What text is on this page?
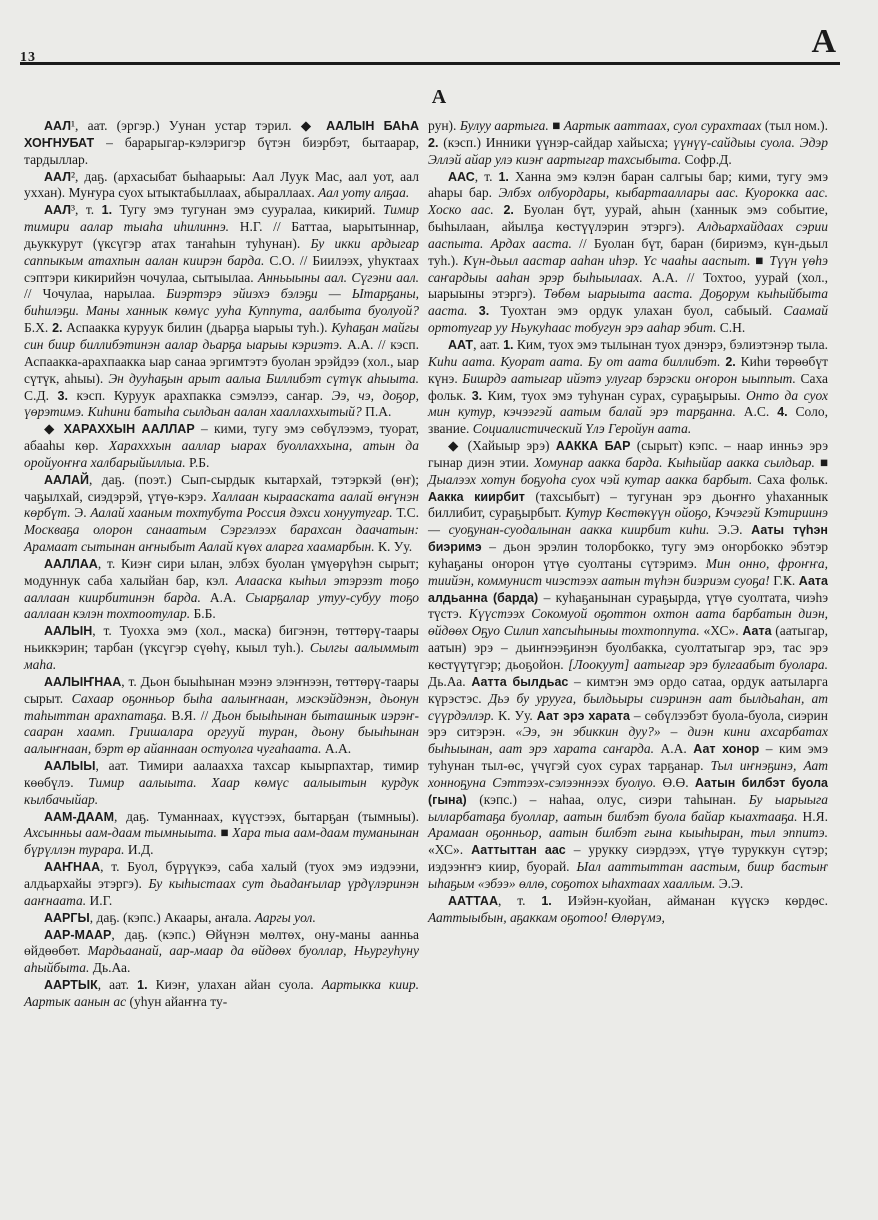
13	А
А

ААЛ¹, аат. (эргэр.) Уунан устар тэрил. ◆ ААЛЫН БАҺА ХОҤНУБАТ – барарыгар-кэлэригэр бүтэн биэрбэт, бытаарар, тардыллар.

ААЛ², даҕ. (архасыбат быһаарыы: Аал Луук Мас, аал уот, аал уххан). Муҥура суох ытыктабыллаах, абыраллаах. Аал уоту алҕаа.

ААЛ³, т. 1. Тугу эмэ тугунан эмэ сууралаа, кикирий. Тимир тимири аалар тыаһа иһилиннэ. Н.Г. // Баттаа, ыарытыннар, дьуккурут (үксүгэр атах таҥаһын туһунан). Бу икки ардыгар саппыкым атахпын аалан киирэн барда. С.О. // Биилээх, уһуктаах сэптэри кикирийэн чочулаа, сытыылаа. Анньыыны аал. Сүгэни аал. // Чочулаа, нарылаа. Биэртэрэ эйиэхэ бэлэҕи — Ытарҕаны, биһилэҕи. Маны ханнык көмүс ууһа Куппута, аалбыта буолуой? Б.Х. 2. Аспаакка куруук билин (дьарҕа ыарыы туһ.). Куһаҕан майгы син биир биллибэтинэн аалар дьарҕа ыарыы кэриэтэ. А.А. // кэсп. Аспаакка-арахпаакка ыар санаа эргимтэтэ буолан эрэйдээ (хол., ыар сүтүк, аһыы). Эн дууһаҕын арыт аалыа Биллибэт сүтүк аһыыта. С.Д. 3. кэсп. Куруук арахпакка сэмэлээ, саҥар. Ээ, чэ, доҕор, үөрэтимэ. Киһини батыһа сылдьан аалан хааллаххытый? П.А.

◆ ХАРАХХЫН ААЛЛАР – кими, тугу эмэ сөбүлээмэ, туорат, абааһы көр. Харахххын ааллар ыарах буоллаххына, атын да оройуоҥҥа халбарыйыллыа. Р.Б.

ААЛАЙ, даҕ. (поэт.) Сып-сырдык кытархай, тэтэркэй (өҥ); чаҕылхай, сиэдэрэй, үтүө-кэрэ. Халлаан кырааската аалай өҥүнэн көрбүт. Э. Аалай хааным тохтубута Россия дэхси хонуутугар. Т.С. Москваҕа олорон санаатым Сэргэлээх барахсан даачатын: Арамаат сытынан аҥныбыт Аалай күөх аларга хаамарбын. К. Уу.

ААЛЛАА, т. Киэҥ сири ылан, элбэх буолан үмүөрүһэн сырыт; модуннук саба халыйан бар, кэл. Алааска кыһыл этэрэзт тоҕо ааллаан киирбитинэн барда. А.А. Сыарҕалар утуу-субуу тоҕо ааллаан кэлэн тохтоотулар. Б.Б.

ААЛЫН, т. Туохха эмэ (хол., маска) бигэнэн, төттөрү-таары ньиккэрин; тарбан (үксүгэр сүөһү, кыыл туһ.). Сылгы аалыммыт маһа.

ААЛЫҤНАА, т. Дьон быыһынан мээнэ элэҥнээн, төттөрү-таары сырыт. Сахаар оҕонньор быһа аалыҥнаан, мэскэйдэнэн, дьонун таһыттан арахпатаҕа. В.Я. // Дьон быыһынан быташнык иэрэҥ-сааран хаамп. Гришалара оргууй туран, дьону быыһынан аалыҥнаан, бэрт өр айаннаан остуолга чугаһаата. А.А.

ААЛЫЫ, аат. Тимири аалаахха тахсар кыырпахтар, тимир көөбүлэ. Тимир аалыыта. Хаар көмүс аалыытын курдук кылбачыйар.

ААМ-ДААМ, даҕ. Туманнаах, күүстээх, бытарҕан (тымныы). Ахсынньы аам-даам тымныыта. ■ Хара тыа аам-даам туманынан бүрүллэн турара. И.Д.

ААҤНАА, т. Буол, бүрүүкээ, саба халый (туох эмэ иэдээни, алдьархайы этэргэ). Бу кыһыстаах сут дьадаҥылар үрдүлэринэн ааҥнаата. И.Г.

ААРГЫ, даҕ. (кэпс.) Акаары, аҥала. Ааргы уол.

ААР-МААР, даҕ. (кэпс.) Өйүнэн мөлтөх, ону-маны аанньа өйдөөбөт. Мардьаанай, аар-маар да өйдөөх буоллар, Ньургуһуну аһыйбыта. Дь.Аа.

ААРТЫК, аат. 1. Киэҥ, улахан айан суола. Аартыкка киир. Аартык аанын ас (уһун айаҥҥа ту-

рун). Булуу аартыга. ■ Аартык ааттаах, суол сурахтаах (тыл ном.). 2. (кэсп.) Инники үүнэр-сайдар хайысха; үүнүү-сайдыы суола. Эдэр Эллэй айар улэ киэҥ аартыгар тахсыбыта. Софр.Д.

ААС, т. 1. Ханна эмэ кэлэн баран салгыы бар; кими, тугу эмэ аһары бар. Элбэх олбуордары, кыбартааллары аас. Куорокка аас. Хоско аас. 2. Буолан бүт, уурай, аһын (ханнык эмэ событие, быһылаан, айылҕа көстүүлэрин этэргэ). Алдьархайдаах сэрии ааспыта. Ардах ааста. // Буолан бүт, баран (бириэмэ, күн-дьыл туһ.). Күн-дьыл аастар ааһан иһэр. Үс чааһы ааспыт. ■ Түүн үөһэ саҥардыы ааһан эрэр быһыылаах. А.А. // Тохтоо, уурай (хол., ыарыыны этэргэ). Төбөм ыарыыта ааста. Доҕорум кыһыйбыта ааста. 3. Туохтан эмэ ордук улахан буол, сабыый. Саамай ортотугар уу Ньукуһаас тобугун эрэ ааһар эбит. С.Н.

ААТ, аат. 1. Ким, туох эмэ тылынан туох дэнэрэ, бэлиэтэнэр тыла. Киһи аата. Куорат аата. Бу от аата биллибэт. 2. Киһи төрөөбүт күнэ. Бишрдэ аатыгар ийэтэ улугар бэрэски оҥорон ыыппыт. Саха фольк. 3. Ким, туох эмэ туһунан сурах, сураҕырыы. Онто да суох мин кутур, кэчээгэй аатым балай эрэ тарҕанна. А.С. 4. Солo, звание. Социалистический Үлэ Геройун аата.

◆ (Хайыыр эрэ) ААККА БАР (сырыт) кэпс. – наар инньэ эрэ гынар диэн этии. Хомунар аакка барда. Кыһыйар аакка сылдьар. ■ Дыалээх хотун боҕуоһа суох чэй кутар аакка барбыт. Саха фольк. Аакка киирбит (тахсыбыт) – тугунан эрэ дьоҥҥо уһаханнык биллибит, сураҕырбыт. Кутур Көстөкүүн ойоҕо, Кэчэгэй Кэтириинэ — суоҕунан-суодалынан аакка киирбит киһи. Э.Э. Ааты түһэн биэримэ – дьон эрэлин толорбокко, тугу эмэ оҥорбокко эбэтэр куһаҕаны оҥорон үтүө суолтаны сүтэримэ. Мин онно, фроҥҥа, тиийэн, коммунист чиэстээх аатын түһэн биэриэм суоҕа! Г.Ҝ. Аата алдьанна (барда) – куһаҕанынан сураҕырда, үтүө суолтата, чиэһэ түстэ. Күүстээх Сокомуой оҕоттон охтон аата барбатын диэн, өйдөөх Оҕуо Силип хапсыһыныы тохтоппута. «ХС». Аата (аатыгар, аатын) эрэ – дьиҥнээҕинэн буолбакка, суолтатыгар эрэ, тас эрэ көстүүтүгэр; дьоҕойон. [Лоокуут] аатыгар эрэ булгаабыт буолара. Дь.Аа. Аатта былдьас – кимтэн эмэ ордо сатаа, ордук аатыларга күрэстэс. Дьэ бу урууга, былдьыры сиэринэн аат былдьаһан, ат сүүрдэллэр. К. Уу. Аат эрэ харата – сөбүлээбэт буола-буола, сиэрин эрэ ситэрэн. «Ээ, эн эбиккин дуу?» – диэн кини ахсарбатах быһыынан, аат эрэ харата саҥарда. А.А. Аат хонор – ким эмэ туһунан тыл-өс, үчүгэй суох сурах тарҕанар. Тыл иҥнэҕинэ, Аат хонноҕуна Сэттээх-сэлээннээх буолуо. Ө.Ө. Аатын билбэт буола (гына) (кэпс.) – наһаа, олус, сиэри таһынан. Бу ыарыыга ылларбатаҕа буоллар, аатын билбэт буола байар кыахтааҕа. Н.Я. Арамаан оҕонньор, аатын билбэт гына кыыһыран, тыл эппитэ. «ХС». Ааттыттан аас – урукку сиэрдээх, үтүө туруккун сүтэр; иэдээҥҥэ киир, буорай. Ыал ааттыттан аастым, биир бастыҥ ыһаҕым «эбээ» өллө, соҕотох ыһахтаах хааллым. Э.Э.

ААТТАА, т. 1. Иэйэн-куойан, айманан күүскэ көрдөс. Ааттыыбын, аҕаккам оҕотоо! Өлөрүмэ,
